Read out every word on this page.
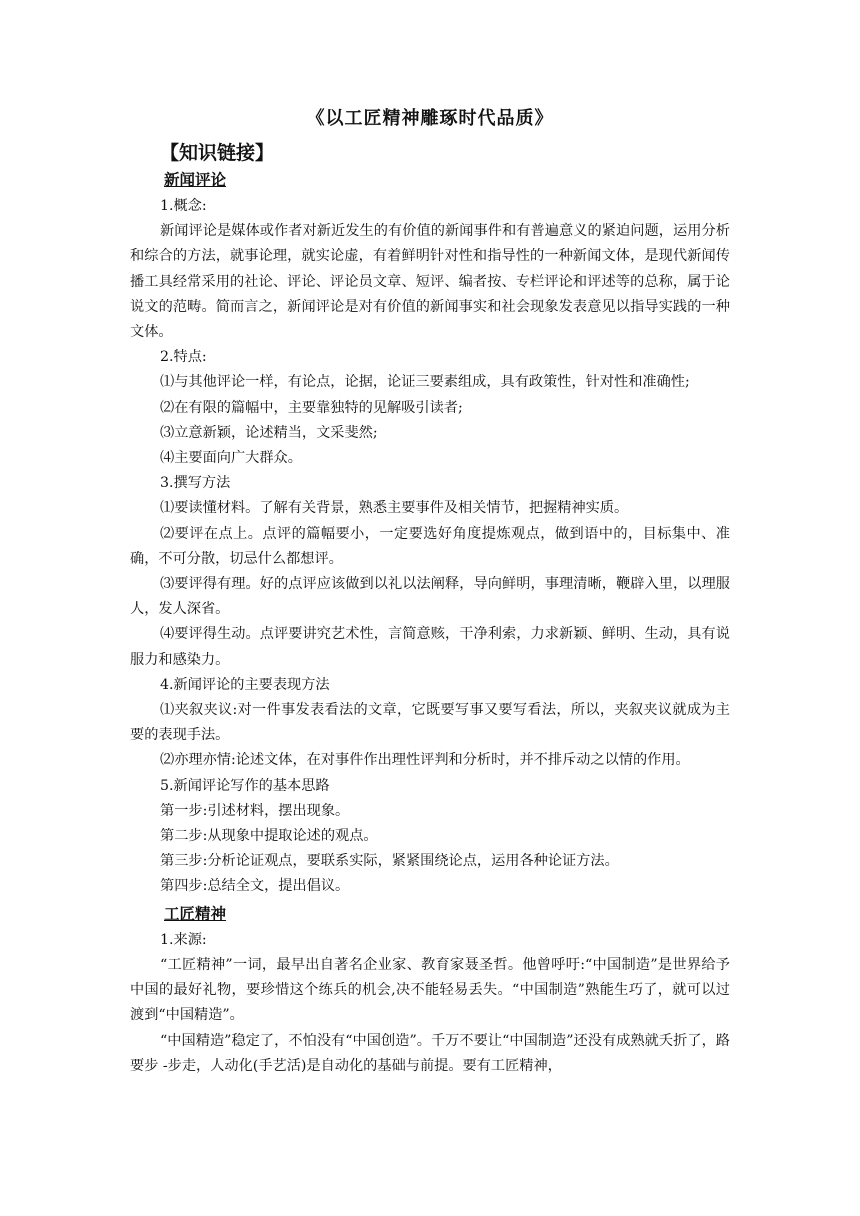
《以工匠精神雕琢时代品质》
【知识链接】

新闻评论

1.概念:

新闻评论是媒体或作者对新近发生的有价值的新闻事件和有普遍意义的紧迫问题，运用分析和综合的方法，就事论理，就实论虚，有着鲜明针对性和指导性的一种新闻文体，是现代新闻传播工具经常采用的社论、评论、评论员文章、短评、编者按、专栏评论和评述等的总称，属于论说文的范畴。简而言之，新闻评论是对有价值的新闻事实和社会现象发表意见以指导实践的一种文体。

2.特点:

⑴与其他评论一样，有论点，论据，论证三要素组成，具有政策性，针对性和准确性;

⑵在有限的篇幅中，主要靠独特的见解吸引读者;

⑶立意新颖，论述精当，文采斐然;

⑷主要面向广大群众。

3.撰写方法

⑴要读懂材料。了解有关背景，熟悉主要事件及相关情节，把握精神实质。

⑵要评在点上。点评的篇幅要小，一定要选好角度提炼观点，做到语中的，目标集中、准确，不可分散，切忌什么都想评。

⑶要评得有理。好的点评应该做到以礼以法阐释，导向鲜明，事理清晰，鞭辟入里，以理服人，发人深省。

⑷要评得生动。点评要讲究艺术性，言简意赅，干净利索，力求新颖、鲜明、生动，具有说服力和感染力。

4.新闻评论的主要表现方法

⑴夹叙夹议:对一件事发表看法的文章，它既要写事又要写看法，所以，夹叙夹议就成为主要的表现手法。

⑵亦理亦情:论述文体，在对事件作出理性评判和分析时，并不排斥动之以情的作用。

5.新闻评论写作的基本思路

第一步:引述材料，摆出现象。

第二步:从现象中提取论述的观点。

第三步:分析论证观点，要联系实际，紧紧围绕论点，运用各种论证方法。

第四步:总结全文，提出倡议。

工匠精神

1.来源:

“工匠精神”一词，最早出自著名企业家、教育家聂圣哲。他曾呼吁:“中国制造”是世界给予中国的最好礼物，要珍惜这个练兵的机会,决不能轻易丢失。“中国制造”熟能生巧了，就可以过渡到“中国精造”。

“中国精造”稳定了，不怕没有“中国创造”。千万不要让“中国制造”还没有成熟就夭折了，路要步 -步走，人动化(手艺活)是自动化的基础与前提。要有工匠精神，
